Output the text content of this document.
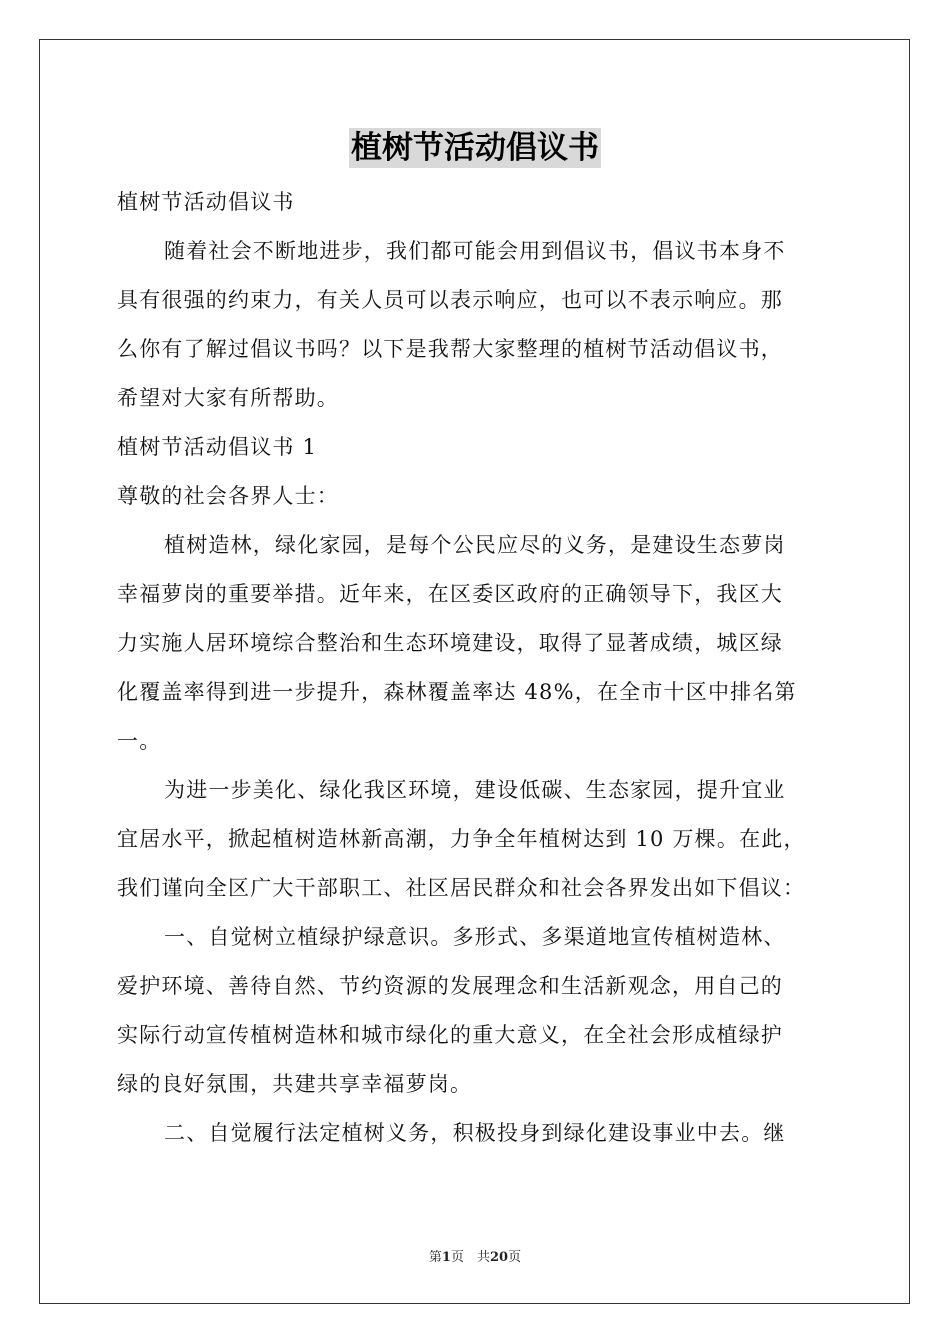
植树节活动倡议书
植树节活动倡议书
随着社会不断地进步，我们都可能会用到倡议书，倡议书本身不
具有很强的约束力，有关人员可以表示响应，也可以不表示响应。那
么你有了解过倡议书吗？以下是我帮大家整理的植树节活动倡议书，
希望对大家有所帮助。
植树节活动倡议书 1
尊敬的社会各界人士：
植树造林，绿化家园，是每个公民应尽的义务，是建设生态萝岗
幸福萝岗的重要举措。近年来，在区委区政府的正确领导下，我区大
力实施人居环境综合整治和生态环境建设，取得了显著成绩，城区绿
化覆盖率得到进一步提升，森林覆盖率达 48%，在全市十区中排名第
一。
为进一步美化、绿化我区环境，建设低碳、生态家园，提升宜业
宜居水平，掀起植树造林新高潮，力争全年植树达到 10 万棵。在此，
我们谨向全区广大干部职工、社区居民群众和社会各界发出如下倡议：
一、自觉树立植绿护绿意识。多形式、多渠道地宣传植树造林、
爱护环境、善待自然、节约资源的发展理念和生活新观念，用自己的
实际行动宣传植树造林和城市绿化的重大意义，在全社会形成植绿护
绿的良好氛围，共建共享幸福萝岗。
二、自觉履行法定植树义务，积极投身到绿化建设事业中去。继
第1页　共20页
